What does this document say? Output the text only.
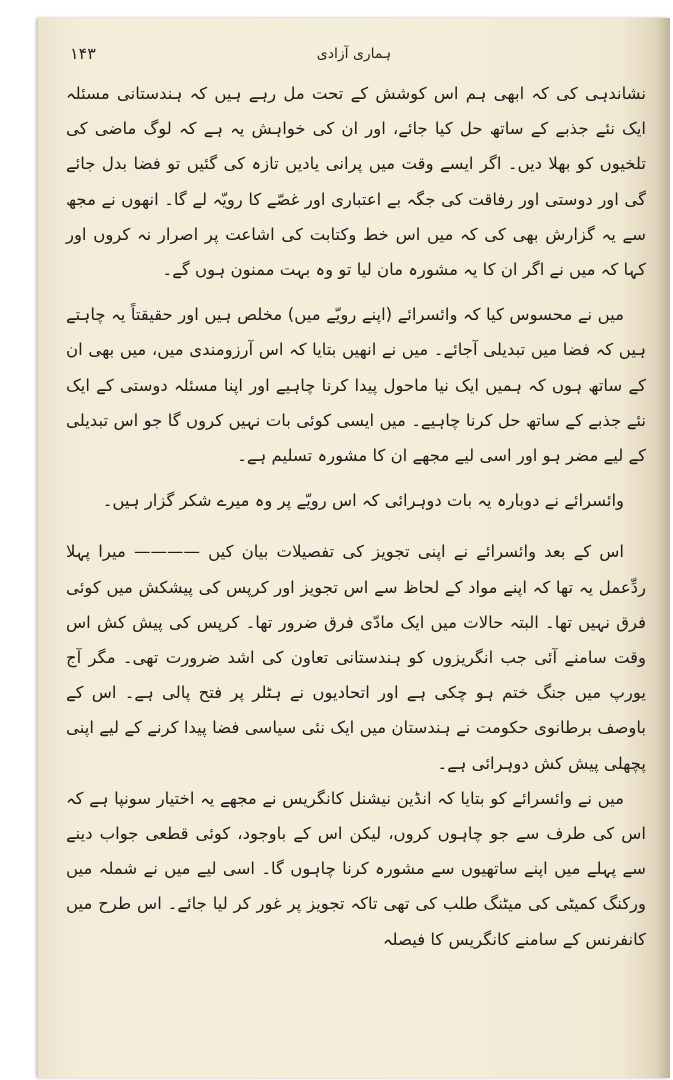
۱۴۳	ہماری آزادی

نشاندہی کی کہ ابھی ہم اس کوشش کے تحت مل رہے ہیں کہ ہندستانی مسئلہ ایک نئے جذبے کے ساتھ حل کیا جائے، اور ان کی خواہش یہ ہے کہ لوگ ماضی کی تلخیوں کو بھلا دیں۔ اگر ایسے وقت میں پرانی یادیں تازہ کی گئیں تو فضا بدل جائے گی اور دوستی اور رفاقت کی جگہ بے اعتباری اور غصّے کا رویّہ لے گا۔ انھوں نے مجھ سے یہ گزارش بھی کی کہ میں اس خط وکتابت کی اشاعت پر اصرار نہ کروں اور کہا کہ میں نے اگر ان کا یہ مشورہ مان لیا تو وہ بہت ممنون ہوں گے۔

میں نے محسوس کیا کہ وائسرائے (اپنے رویّے میں) مخلص ہیں اور حقیقتاً یہ چاہتے ہیں کہ فضا میں تبدیلی آجائے۔ میں نے انھیں بتایا کہ اس آرزومندی میں، میں بھی ان کے ساتھ ہوں کہ ہمیں ایک نیا ماحول پیدا کرنا چاہیے اور اپنا مسئلہ دوستی کے ایک نئے جذبے کے ساتھ حل کرنا چاہیے۔ میں ایسی کوئی بات نہیں کروں گا جو اس تبدیلی کے لیے مضر ہو اور اسی لیے مجھے ان کا مشورہ تسلیم ہے۔

وائسرائے نے دوبارہ یہ بات دوہرائی کہ اس رویّے پر وہ میرے شکر گزار ہیں۔

اس کے بعد وائسرائے نے اپنی تجویز کی تفصیلات بیان کیں ———— میرا پہلا ردِّعمل یہ تھا کہ اپنے مواد کے لحاظ سے اس تجویز اور کرپس کی پیشکش میں کوئی فرق نہیں تھا۔ البتہ حالات میں ایک مادّی فرق ضرور تھا۔ کرپس کی پیش کش اس وقت سامنے آئی جب انگریزوں کو ہندستانی تعاون کی اشد ضرورت تھی۔ مگر آج یورپ میں جنگ ختم ہو چکی ہے اور اتحادیوں نے ہٹلر پر فتح پالی ہے۔ اس کے باوصف برطانوی حکومت نے ہندستان میں ایک نئی سیاسی فضا پیدا کرنے کے لیے اپنی پچھلی پیش کش دوہرائی ہے۔

میں نے وائسرائے کو بتایا کہ انڈین نیشنل کانگریس نے مجھے یہ اختیار سونپا ہے کہ اس کی طرف سے جو چاہوں کروں، لیکن اس کے باوجود، کوئی قطعی جواب دینے سے پہلے میں اپنے ساتھیوں سے مشورہ کرنا چاہوں گا۔ اسی لیے میں نے شملہ میں ورکنگ کمیٹی کی میٹنگ طلب کی تھی تاکہ تجویز پر غور کر لیا جائے۔ اس طرح میں کانفرنس کے سامنے کانگریس کا فیصلہ
